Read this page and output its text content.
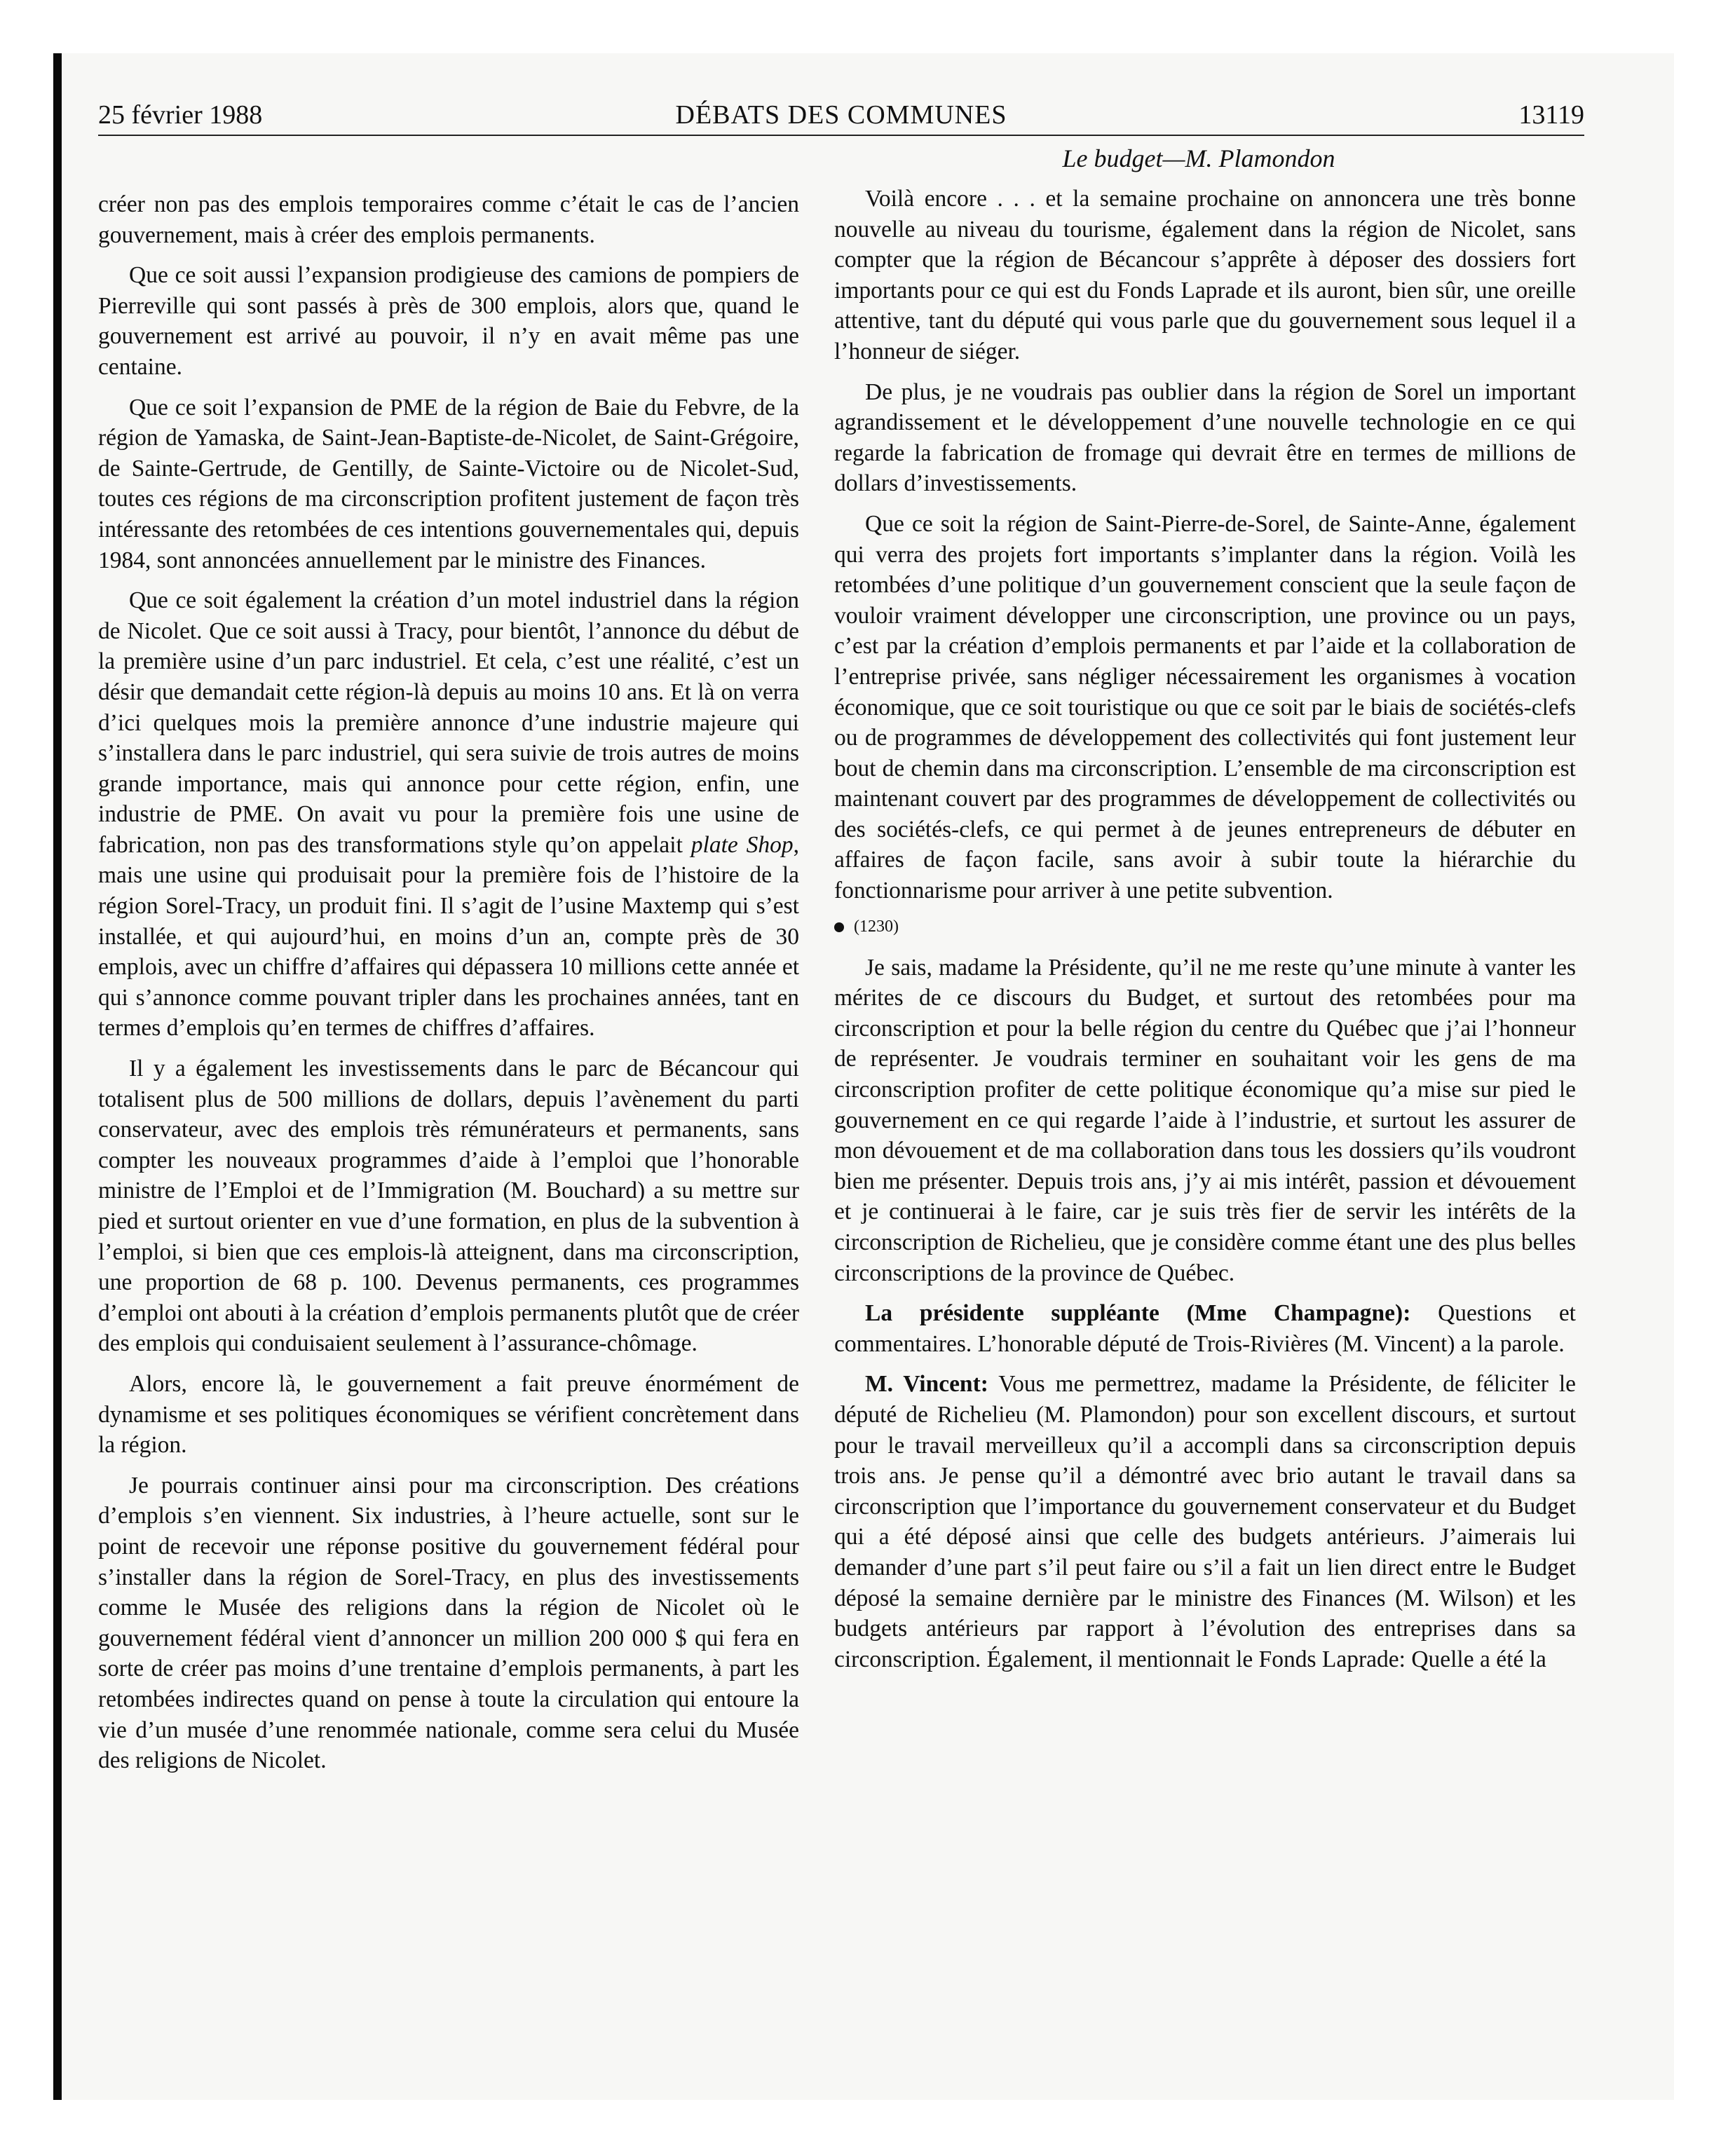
25 février 1988	DÉBATS DES COMMUNES	13119
Le budget—M. Plamondon

créer non pas des emplois temporaires comme c’était le cas de l’ancien gouvernement, mais à créer des emplois permanents.

Que ce soit aussi l’expansion prodigieuse des camions de pompiers de Pierreville qui sont passés à près de 300 emplois, alors que, quand le gouvernement est arrivé au pouvoir, il n’y en avait même pas une centaine.

Que ce soit l’expansion de PME de la région de Baie du Febvre, de la région de Yamaska, de Saint-Jean-Baptiste-de-Nicolet, de Saint-Grégoire, de Sainte-Gertrude, de Gentilly, de Sainte-Victoire ou de Nicolet-Sud, toutes ces régions de ma circonscription profitent justement de façon très intéressante des retombées de ces intentions gouvernementales qui, depuis 1984, sont annoncées annuellement par le ministre des Finances.

Que ce soit également la création d’un motel industriel dans la région de Nicolet. Que ce soit aussi à Tracy, pour bientôt, l’annonce du début de la première usine d’un parc industriel. Et cela, c’est une réalité, c’est un désir que demandait cette région-là depuis au moins 10 ans. Et là on verra d’ici quelques mois la première annonce d’une industrie majeure qui s’installera dans le parc industriel, qui sera suivie de trois autres de moins grande importance, mais qui annonce pour cette région, enfin, une industrie de PME. On avait vu pour la première fois une usine de fabrication, non pas des transformations style qu’on appelait plate Shop, mais une usine qui produisait pour la première fois de l’histoire de la région Sorel-Tracy, un produit fini. Il s’agit de l’usine Maxtemp qui s’est installée, et qui aujourd’hui, en moins d’un an, compte près de 30 emplois, avec un chiffre d’affaires qui dépassera 10 millions cette année et qui s’annonce comme pouvant tripler dans les prochaines années, tant en termes d’emplois qu’en termes de chiffres d’affaires.

Il y a également les investissements dans le parc de Bécancour qui totalisent plus de 500 millions de dollars, depuis l’avènement du parti conservateur, avec des emplois très rémunérateurs et permanents, sans compter les nouveaux programmes d’aide à l’emploi que l’honorable ministre de l’Emploi et de l’Immigration (M. Bouchard) a su mettre sur pied et surtout orienter en vue d’une formation, en plus de la subvention à l’emploi, si bien que ces emplois-là atteignent, dans ma circonscription, une proportion de 68 p. 100. Devenus permanents, ces programmes d’emploi ont abouti à la création d’emplois permanents plutôt que de créer des emplois qui conduisaient seulement à l’assurance-chômage.

Alors, encore là, le gouvernement a fait preuve énormément de dynamisme et ses politiques économiques se vérifient concrètement dans la région.

Je pourrais continuer ainsi pour ma circonscription. Des créations d’emplois s’en viennent. Six industries, à l’heure actuelle, sont sur le point de recevoir une réponse positive du gouvernement fédéral pour s’installer dans la région de Sorel-Tracy, en plus des investissements comme le Musée des religions dans la région de Nicolet où le gouvernement fédéral vient d’annoncer un million 200 000 $ qui fera en sorte de créer pas moins d’une trentaine d’emplois permanents, à part les retombées indirectes quand on pense à toute la circulation qui entoure la vie d’un musée d’une renommée nationale, comme sera celui du Musée des religions de Nicolet.

Voilà encore . . . et la semaine prochaine on annoncera une très bonne nouvelle au niveau du tourisme, également dans la région de Nicolet, sans compter que la région de Bécancour s’apprête à déposer des dossiers fort importants pour ce qui est du Fonds Laprade et ils auront, bien sûr, une oreille attentive, tant du député qui vous parle que du gouvernement sous lequel il a l’honneur de siéger.

De plus, je ne voudrais pas oublier dans la région de Sorel un important agrandissement et le développement d’une nouvelle technologie en ce qui regarde la fabrication de fromage qui devrait être en termes de millions de dollars d’investissements.

Que ce soit la région de Saint-Pierre-de-Sorel, de Sainte-Anne, également qui verra des projets fort importants s’implanter dans la région. Voilà les retombées d’une politique d’un gouvernement conscient que la seule façon de vouloir vraiment développer une circonscription, une province ou un pays, c’est par la création d’emplois permanents et par l’aide et la collaboration de l’entreprise privée, sans négliger nécessairement les organismes à vocation économique, que ce soit touristique ou que ce soit par le biais de sociétés-clefs ou de programmes de développement des collectivités qui font justement leur bout de chemin dans ma circonscription. L’ensemble de ma circonscription est maintenant couvert par des programmes de développement de collectivités ou des sociétés-clefs, ce qui permet à de jeunes entrepreneurs de débuter en affaires de façon facile, sans avoir à subir toute la hiérarchie du fonctionnarisme pour arriver à une petite subvention.

(1230)

Je sais, madame la Présidente, qu’il ne me reste qu’une minute à vanter les mérites de ce discours du Budget, et surtout des retombées pour ma circonscription et pour la belle région du centre du Québec que j’ai l’honneur de représenter. Je voudrais terminer en souhaitant voir les gens de ma circonscription profiter de cette politique économique qu’a mise sur pied le gouvernement en ce qui regarde l’aide à l’industrie, et surtout les assurer de mon dévouement et de ma collaboration dans tous les dossiers qu’ils voudront bien me présenter. Depuis trois ans, j’y ai mis intérêt, passion et dévouement et je continuerai à le faire, car je suis très fier de servir les intérêts de la circonscription de Richelieu, que je considère comme étant une des plus belles circonscriptions de la province de Québec.

La présidente suppléante (Mme Champagne): Questions et commentaires. L’honorable député de Trois-Rivières (M. Vincent) a la parole.

M. Vincent: Vous me permettrez, madame la Présidente, de féliciter le député de Richelieu (M. Plamondon) pour son excellent discours, et surtout pour le travail merveilleux qu’il a accompli dans sa circonscription depuis trois ans. Je pense qu’il a démontré avec brio autant le travail dans sa circonscription que l’importance du gouvernement conservateur et du Budget qui a été déposé ainsi que celle des budgets antérieurs. J’aimerais lui demander d’une part s’il peut faire ou s’il a fait un lien direct entre le Budget déposé la semaine dernière par le ministre des Finances (M. Wilson) et les budgets antérieurs par rapport à l’évolution des entreprises dans sa circonscription. Également, il mentionnait le Fonds Laprade: Quelle a été la
